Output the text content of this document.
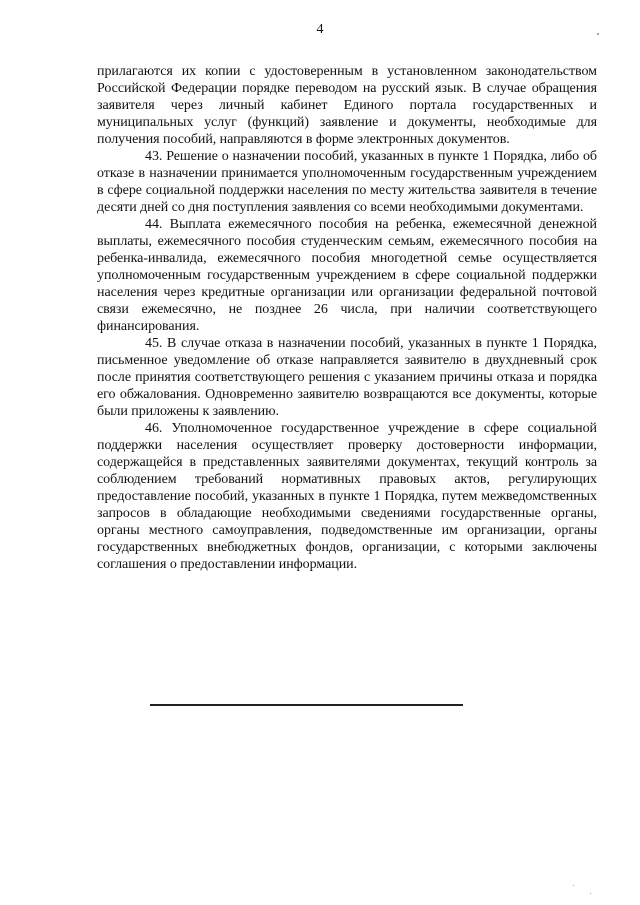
4

прилагаются их копии с удостоверенным в установленном законодательством Российской Федерации порядке переводом на русский язык. В случае обращения заявителя через личный кабинет Единого портала государственных и муниципальных услуг (функций) заявление и документы, необходимые для получения пособий, направляются в форме электронных документов.

43. Решение о назначении пособий, указанных в пункте 1 Порядка, либо об отказе в назначении принимается уполномоченным государственным учреждением в сфере социальной поддержки населения по месту жительства заявителя в течение десяти дней со дня поступления заявления со всеми необходимыми документами.

44. Выплата ежемесячного пособия на ребенка, ежемесячной денежной выплаты, ежемесячного пособия студенческим семьям, ежемесячного пособия на ребенка-инвалида, ежемесячного пособия многодетной семье осуществляется уполномоченным государственным учреждением в сфере социальной поддержки населения через кредитные организации или организации федеральной почтовой связи ежемесячно, не позднее 26 числа, при наличии соответствующего финансирования.

45. В случае отказа в назначении пособий, указанных в пункте 1 Порядка, письменное уведомление об отказе направляется заявителю в двухдневный срок после принятия соответствующего решения с указанием причины отказа и порядка его обжалования. Одновременно заявителю возвращаются все документы, которые были приложены к заявлению.

46. Уполномоченное государственное учреждение в сфере социальной поддержки населения осуществляет проверку достоверности информации, содержащейся в представленных заявителями документах, текущий контроль за соблюдением требований нормативных правовых актов, регулирующих предоставление пособий, указанных в пункте 1 Порядка, путем межведомственных запросов в обладающие необходимыми сведениями государственные органы, органы местного самоуправления, подведомственные им организации, органы государственных внебюджетных фондов, организации, с которыми заключены соглашения о предоставлении информации.
